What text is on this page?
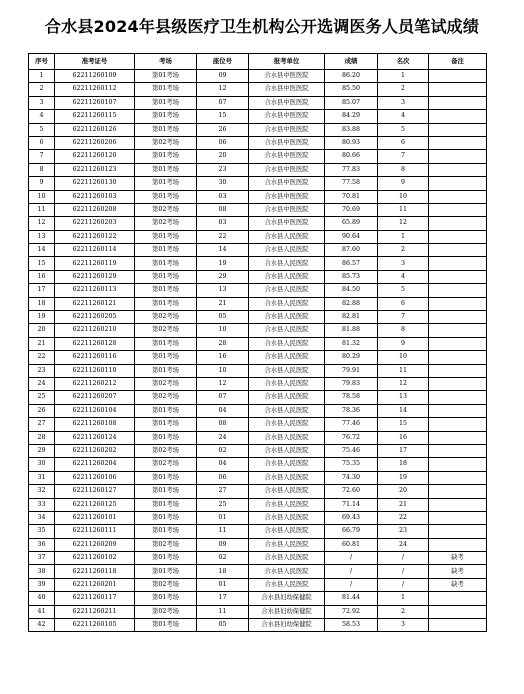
合水县2024年县级医疗卫生机构公开选调医务人员笔试成绩
序号	准考证号	考场	座位号	报考单位	成绩	名次	备注
1	62211260109	第01考场	09	合水县中医医院	86.20	1	
2	62211260112	第01考场	12	合水县中医医院	85.50	2	
3	62211260107	第01考场	07	合水县中医医院	85.07	3	
4	62211260115	第01考场	15	合水县中医医院	84.29	4	
5	62211260126	第01考场	26	合水县中医医院	83.88	5	
6	62211260206	第02考场	06	合水县中医医院	80.93	6	
7	62211260120	第01考场	20	合水县中医医院	80.66	7	
8	62211260123	第01考场	23	合水县中医医院	77.83	8	
9	62211260130	第01考场	30	合水县中医医院	77.58	9	
10	62211260103	第01考场	03	合水县中医医院	70.81	10	
11	62211260208	第02考场	08	合水县中医医院	70.69	11	
12	62211260203	第02考场	03	合水县中医医院	65.89	12	
13	62211260122	第01考场	22	合水县人民医院	90.64	1	
14	62211260114	第01考场	14	合水县人民医院	87.60	2	
15	62211260119	第01考场	19	合水县人民医院	86.57	3	
16	62211260129	第01考场	29	合水县人民医院	85.73	4	
17	62211260113	第01考场	13	合水县人民医院	84.50	5	
18	62211260121	第01考场	21	合水县人民医院	82.88	6	
19	62211260205	第02考场	05	合水县人民医院	82.81	7	
20	62211260210	第02考场	10	合水县人民医院	81.88	8	
21	62211260128	第01考场	28	合水县人民医院	81.32	9	
22	62211260116	第01考场	16	合水县人民医院	80.29	10	
23	62211260110	第01考场	10	合水县人民医院	79.91	11	
24	62211260212	第02考场	12	合水县人民医院	79.83	12	
25	62211260207	第02考场	07	合水县人民医院	78.58	13	
26	62211260104	第01考场	04	合水县人民医院	78.36	14	
27	62211260108	第01考场	08	合水县人民医院	77.46	15	
28	62211260124	第01考场	24	合水县人民医院	76.72	16	
29	62211260202	第02考场	02	合水县人民医院	75.46	17	
30	62211260204	第02考场	04	合水县人民医院	75.35	18	
31	62211260106	第01考场	06	合水县人民医院	74.30	19	
32	62211260127	第01考场	27	合水县人民医院	72.60	20	
33	62211260125	第01考场	25	合水县人民医院	71.14	21	
34	62211260101	第01考场	01	合水县人民医院	69.43	22	
35	62211260111	第01考场	11	合水县人民医院	66.79	23	
36	62211260209	第02考场	09	合水县人民医院	60.81	24	
37	62211260102	第01考场	02	合水县人民医院	/	/	缺考
38	62211260118	第01考场	18	合水县人民医院	/	/	缺考
39	62211260201	第02考场	01	合水县人民医院	/	/	缺考
40	62211260117	第01考场	17	合水县妇幼保健院	81.44	1	
41	62211260211	第02考场	11	合水县妇幼保健院	72.92	2	
42	62211260105	第01考场	05	合水县妇幼保健院	58.53	3	
